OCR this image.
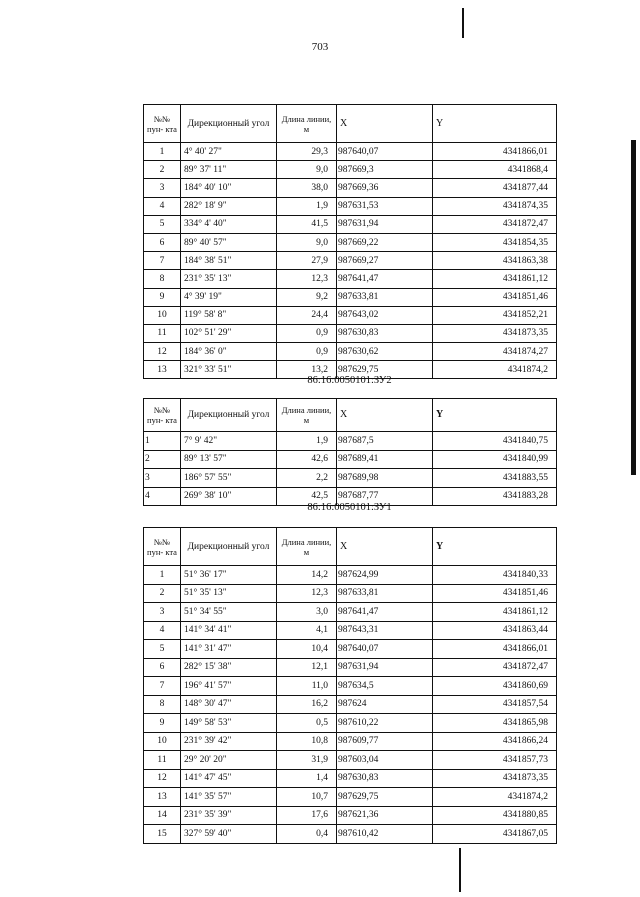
703
№№ пун- кта	Дирекционный угол	Длина линии, м	X	Y
1	4° 40' 27"	29,3	987640,07	4341866,01
2	89° 37' 11"	9,0	987669,3	4341868,4
3	184° 40' 10"	38,0	987669,36	4341877,44
4	282° 18' 9"	1,9	987631,53	4341874,35
5	334° 4' 40"	41,5	987631,94	4341872,47
6	89° 40' 57"	9,0	987669,22	4341854,35
7	184° 38' 51"	27,9	987669,27	4341863,38
8	231° 35' 13"	12,3	987641,47	4341861,12
9	4° 39' 19"	9,2	987633,81	4341851,46
10	119° 58' 8"	24,4	987643,02	4341852,21
11	102° 51' 29"	0,9	987630,83	4341873,35
12	184° 36' 0"	0,9	987630,62	4341874,27
13	321° 33' 51"	13,2	987629,75	4341874,2
86:16:0050101:ЗУ2
№№ пун- кта	Дирекционный угол	Длина линии, м	X	Y
1	7° 9' 42"	1,9	987687,5	4341840,75
2	89° 13' 57"	42,6	987689,41	4341840,99
3	186° 57' 55"	2,2	987689,98	4341883,55
4	269° 38' 10"	42,5	987687,77	4341883,28
86:16:0050101:ЗУ1
№№ пун- кта	Дирекционный угол	Длина линии, м	X	Y
1	51° 36' 17"	14,2	987624,99	4341840,33
2	51° 35' 13"	12,3	987633,81	4341851,46
3	51° 34' 55"	3,0	987641,47	4341861,12
4	141° 34' 41"	4,1	987643,31	4341863,44
5	141° 31' 47"	10,4	987640,07	4341866,01
6	282° 15' 38"	12,1	987631,94	4341872,47
7	196° 41' 57"	11,0	987634,5	4341860,69
8	148° 30' 47"	16,2	987624	4341857,54
9	149° 58' 53"	0,5	987610,22	4341865,98
10	231° 39' 42"	10,8	987609,77	4341866,24
11	29° 20' 20"	31,9	987603,04	4341857,73
12	141° 47' 45"	1,4	987630,83	4341873,35
13	141° 35' 57"	10,7	987629,75	4341874,2
14	231° 35' 39"	17,6	987621,36	4341880,85
15	327° 59' 40"	0,4	987610,42	4341867,05
